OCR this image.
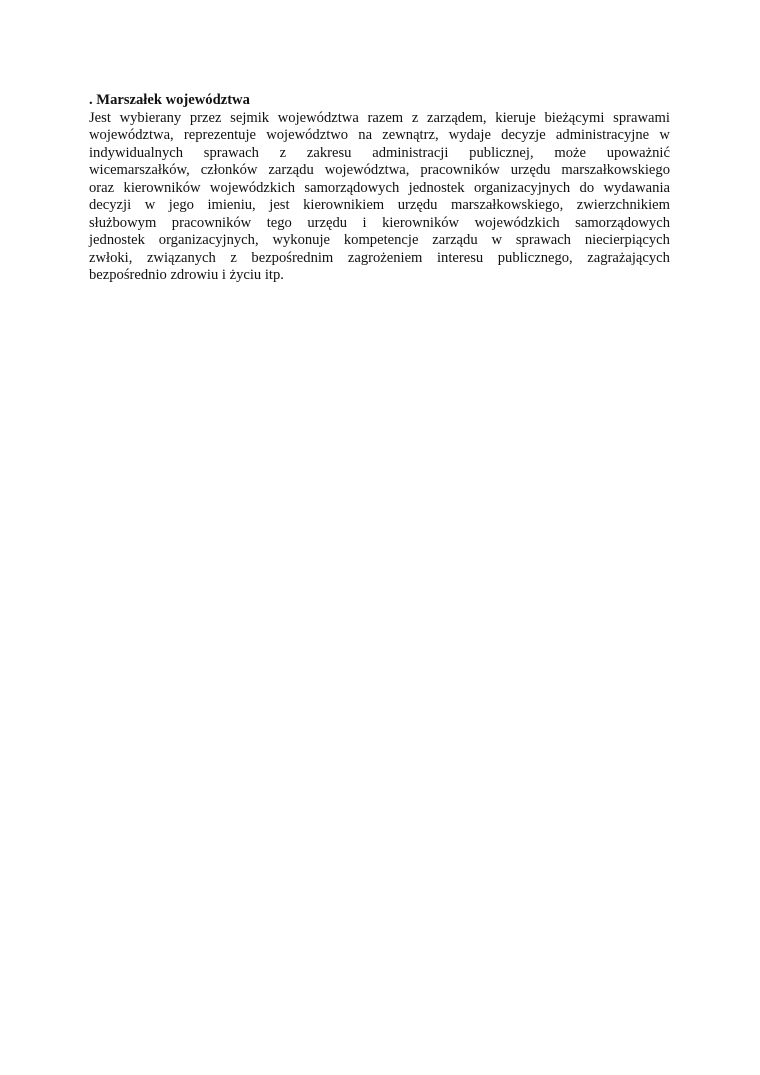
. Marszałek województwa
Jest wybierany przez sejmik województwa razem z zarządem, kieruje bieżącymi sprawami
województwa, reprezentuje województwo na zewnątrz, wydaje decyzje administracyjne w
indywidualnych sprawach z zakresu administracji publicznej, może upoważnić
wicemarszałków, członków zarządu województwa, pracowników urzędu marszałkowskiego
oraz kierowników wojewódzkich samorządowych jednostek organizacyjnych do wydawania
decyzji w jego imieniu, jest kierownikiem urzędu marszałkowskiego, zwierzchnikiem
służbowym pracowników tego urzędu i kierowników wojewódzkich samorządowych
jednostek organizacyjnych, wykonuje kompetencje zarządu w sprawach niecierpiących
zwłoki, związanych z bezpośrednim zagrożeniem interesu publicznego, zagrażających
bezpośrednio zdrowiu i życiu itp.
